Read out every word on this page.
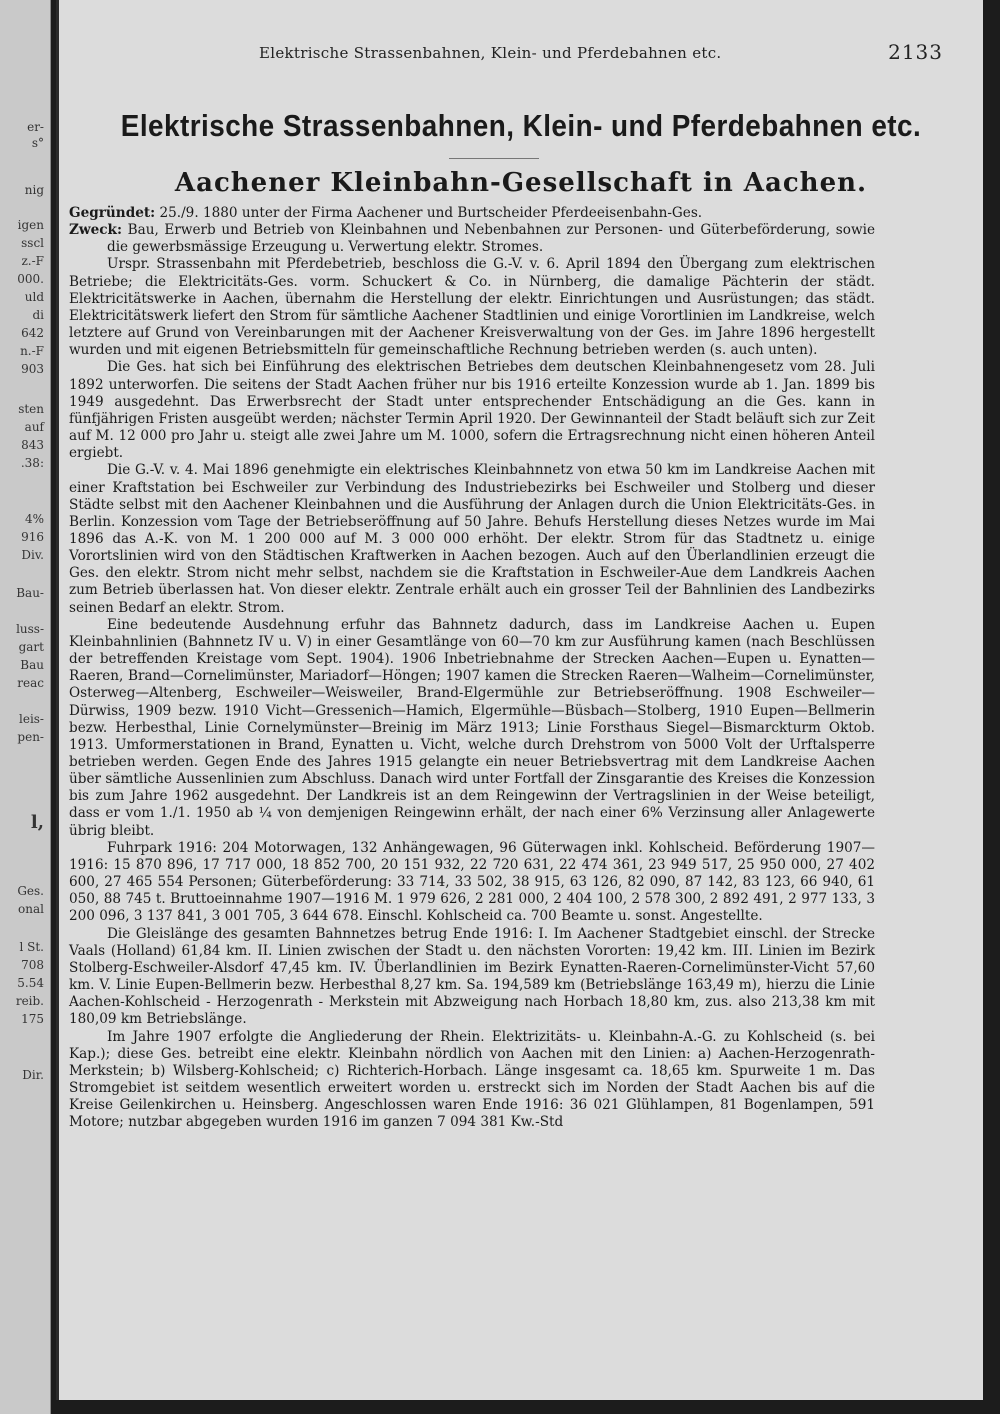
er-
s°
nig
igen
sscl
z.-F
000.
uld
di
642
n.-F
903
sten
auf
843
.38:
4%
916
Div.
Bau-
luss-
gart
Bau
reac
leis-
pen-
l,
Ges.
onal
l St.
708
5.54
reib.
175
Dir.
Elektrische Strassenbahnen, Klein- und Pferdebahnen etc.	2133
Elektrische Strassenbahnen, Klein- und Pferdebahnen etc.
Aachener Kleinbahn-Gesellschaft in Aachen.

Gegründet: 25./9. 1880 unter der Firma Aachener und Burtscheider Pferdeeisenbahn-Ges.

Zweck: Bau, Erwerb und Betrieb von Kleinbahnen und Nebenbahnen zur Personen- und Güterbeförderung, sowie die gewerbsmässige Erzeugung u. Verwertung elektr. Stromes.

Urspr. Strassenbahn mit Pferdebetrieb, beschloss die G.-V. v. 6. April 1894 den Übergang zum elektrischen Betriebe; die Elektricitäts-Ges. vorm. Schuckert & Co. in Nürnberg, die damalige Pächterin der städt. Elektricitätswerke in Aachen, übernahm die Herstellung der elektr. Einrichtungen und Ausrüstungen; das städt. Elektricitätswerk liefert den Strom für sämtliche Aachener Stadtlinien und einige Vorortlinien im Landkreise, welch letztere auf Grund von Vereinbarungen mit der Aachener Kreisverwaltung von der Ges. im Jahre 1896 hergestellt wurden und mit eigenen Betriebsmitteln für gemeinschaftliche Rechnung betrieben werden (s. auch unten).

Die Ges. hat sich bei Einführung des elektrischen Betriebes dem deutschen Kleinbahnengesetz vom 28. Juli 1892 unterworfen. Die seitens der Stadt Aachen früher nur bis 1916 erteilte Konzession wurde ab 1. Jan. 1899 bis 1949 ausgedehnt. Das Erwerbsrecht der Stadt unter entsprechender Entschädigung an die Ges. kann in fünfjährigen Fristen ausgeübt werden; nächster Termin April 1920. Der Gewinnanteil der Stadt beläuft sich zur Zeit auf M. 12 000 pro Jahr u. steigt alle zwei Jahre um M. 1000, sofern die Ertragsrechnung nicht einen höheren Anteil ergiebt.

Die G.-V. v. 4. Mai 1896 genehmigte ein elektrisches Kleinbahnnetz von etwa 50 km im Landkreise Aachen mit einer Kraftstation bei Eschweiler zur Verbindung des Industriebezirks bei Eschweiler und Stolberg und dieser Städte selbst mit den Aachener Kleinbahnen und die Ausführung der Anlagen durch die Union Elektricitäts-Ges. in Berlin. Konzession vom Tage der Betriebseröffnung auf 50 Jahre. Behufs Herstellung dieses Netzes wurde im Mai 1896 das A.-K. von M. 1 200 000 auf M. 3 000 000 erhöht. Der elektr. Strom für das Stadtnetz u. einige Vorortslinien wird von den Städtischen Kraftwerken in Aachen bezogen. Auch auf den Überlandlinien erzeugt die Ges. den elektr. Strom nicht mehr selbst, nachdem sie die Kraftstation in Eschweiler-Aue dem Landkreis Aachen zum Betrieb überlassen hat. Von dieser elektr. Zentrale erhält auch ein grosser Teil der Bahnlinien des Landbezirks seinen Bedarf an elektr. Strom.

Eine bedeutende Ausdehnung erfuhr das Bahnnetz dadurch, dass im Landkreise Aachen u. Eupen Kleinbahnlinien (Bahnnetz IV u. V) in einer Gesamtlänge von 60—70 km zur Ausführung kamen (nach Beschlüssen der betreffenden Kreistage vom Sept. 1904). 1906 Inbetriebnahme der Strecken Aachen—Eupen u. Eynatten—Raeren, Brand—Cornelimünster, Mariadorf—Höngen; 1907 kamen die Strecken Raeren—Walheim—Cornelimünster, Osterweg—Altenberg, Eschweiler—Weisweiler, Brand-Elgermühle zur Betriebseröffnung. 1908 Eschweiler—Dürwiss, 1909 bezw. 1910 Vicht—Gressenich—Hamich, Elgermühle—Büsbach—Stolberg, 1910 Eupen—Bellmerin bezw. Herbesthal, Linie Cornelymünster—Breinig im März 1913; Linie Forsthaus Siegel—Bismarckturm Oktob. 1913. Umformerstationen in Brand, Eynatten u. Vicht, welche durch Drehstrom von 5000 Volt der Urftalsperre betrieben werden. Gegen Ende des Jahres 1915 gelangte ein neuer Betriebsvertrag mit dem Landkreise Aachen über sämtliche Aussenlinien zum Abschluss. Danach wird unter Fortfall der Zinsgarantie des Kreises die Konzession bis zum Jahre 1962 ausgedehnt. Der Landkreis ist an dem Reingewinn der Vertragslinien in der Weise beteiligt, dass er vom 1./1. 1950 ab ¼ von demjenigen Reingewinn erhält, der nach einer 6% Verzinsung aller Anlagewerte übrig bleibt.

Fuhrpark 1916: 204 Motorwagen, 132 Anhängewagen, 96 Güterwagen inkl. Kohlscheid. Beförderung 1907—1916: 15 870 896, 17 717 000, 18 852 700, 20 151 932, 22 720 631, 22 474 361, 23 949 517, 25 950 000, 27 402 600, 27 465 554 Personen; Güterbeförderung: 33 714, 33 502, 38 915, 63 126, 82 090, 87 142, 83 123, 66 940, 61 050, 88 745 t. Bruttoeinnahme 1907—1916 M. 1 979 626, 2 281 000, 2 404 100, 2 578 300, 2 892 491, 2 977 133, 3 200 096, 3 137 841, 3 001 705, 3 644 678. Einschl. Kohlscheid ca. 700 Beamte u. sonst. Angestellte.

Die Gleislänge des gesamten Bahnnetzes betrug Ende 1916: I. Im Aachener Stadtgebiet einschl. der Strecke Vaals (Holland) 61,84 km. II. Linien zwischen der Stadt u. den nächsten Vororten: 19,42 km. III. Linien im Bezirk Stolberg-Eschweiler-Alsdorf 47,45 km. IV. Überlandlinien im Bezirk Eynatten-Raeren-Cornelimünster-Vicht 57,60 km. V. Linie Eupen-Bellmerin bezw. Herbesthal 8,27 km. Sa. 194,589 km (Betriebslänge 163,49 m), hierzu die Linie Aachen-Kohlscheid - Herzogenrath - Merkstein mit Abzweigung nach Horbach 18,80 km, zus. also 213,38 km mit 180,09 km Betriebslänge.

Im Jahre 1907 erfolgte die Angliederung der Rhein. Elektrizitäts- u. Kleinbahn-A.-G. zu Kohlscheid (s. bei Kap.); diese Ges. betreibt eine elektr. Kleinbahn nördlich von Aachen mit den Linien: a) Aachen-Herzogenrath-Merkstein; b) Wilsberg-Kohlscheid; c) Richterich-Horbach. Länge insgesamt ca. 18,65 km. Spurweite 1 m. Das Stromgebiet ist seitdem wesentlich erweitert worden u. erstreckt sich im Norden der Stadt Aachen bis auf die Kreise Geilenkirchen u. Heinsberg. Angeschlossen waren Ende 1916: 36 021 Glühlampen, 81 Bogenlampen, 591 Motore; nutzbar abgegeben wurden 1916 im ganzen 7 094 381 Kw.-Std
